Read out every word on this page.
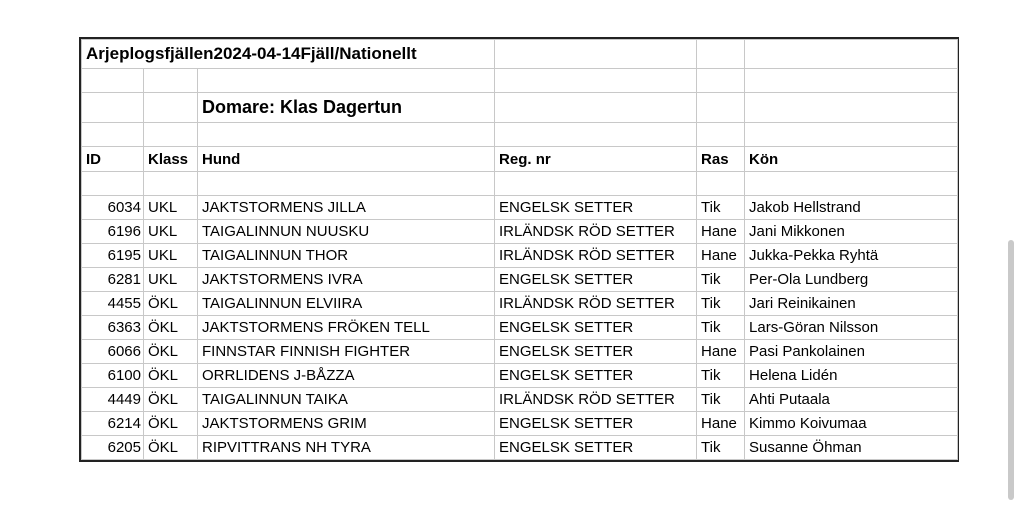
Arjeplogsfjällen2024-04-14Fjäll/Nationellt					

		Domare: Klas Dagertun			

ID	Klass	Hund	Reg. nr	Ras	Kön

6034	UKL	JAKTSTORMENS JILLA	ENGELSK SETTER	Tik	Jakob Hellstrand
6196	UKL	TAIGALINNUN NUUSKU	IRLÄNDSK RÖD SETTER	Hane	Jani Mikkonen
6195	UKL	TAIGALINNUN THOR	IRLÄNDSK RÖD SETTER	Hane	Jukka-Pekka Ryhtä
6281	UKL	JAKTSTORMENS IVRA	ENGELSK SETTER	Tik	Per-Ola Lundberg
4455	ÖKL	TAIGALINNUN ELVIIRA	IRLÄNDSK RÖD SETTER	Tik	Jari Reinikainen
6363	ÖKL	JAKTSTORMENS FRÖKEN TELL	ENGELSK SETTER	Tik	Lars-Göran Nilsson
6066	ÖKL	FINNSTAR FINNISH FIGHTER	ENGELSK SETTER	Hane	Pasi Pankolainen
6100	ÖKL	ORRLIDENS J-BÅZZA	ENGELSK SETTER	Tik	Helena Lidén
4449	ÖKL	TAIGALINNUN TAIKA	IRLÄNDSK RÖD SETTER	Tik	Ahti Putaala
6214	ÖKL	JAKTSTORMENS GRIM	ENGELSK SETTER	Hane	Kimmo Koivumaa
6205	ÖKL	RIPVITTRANS NH TYRA	ENGELSK SETTER	Tik	Susanne Öhman
